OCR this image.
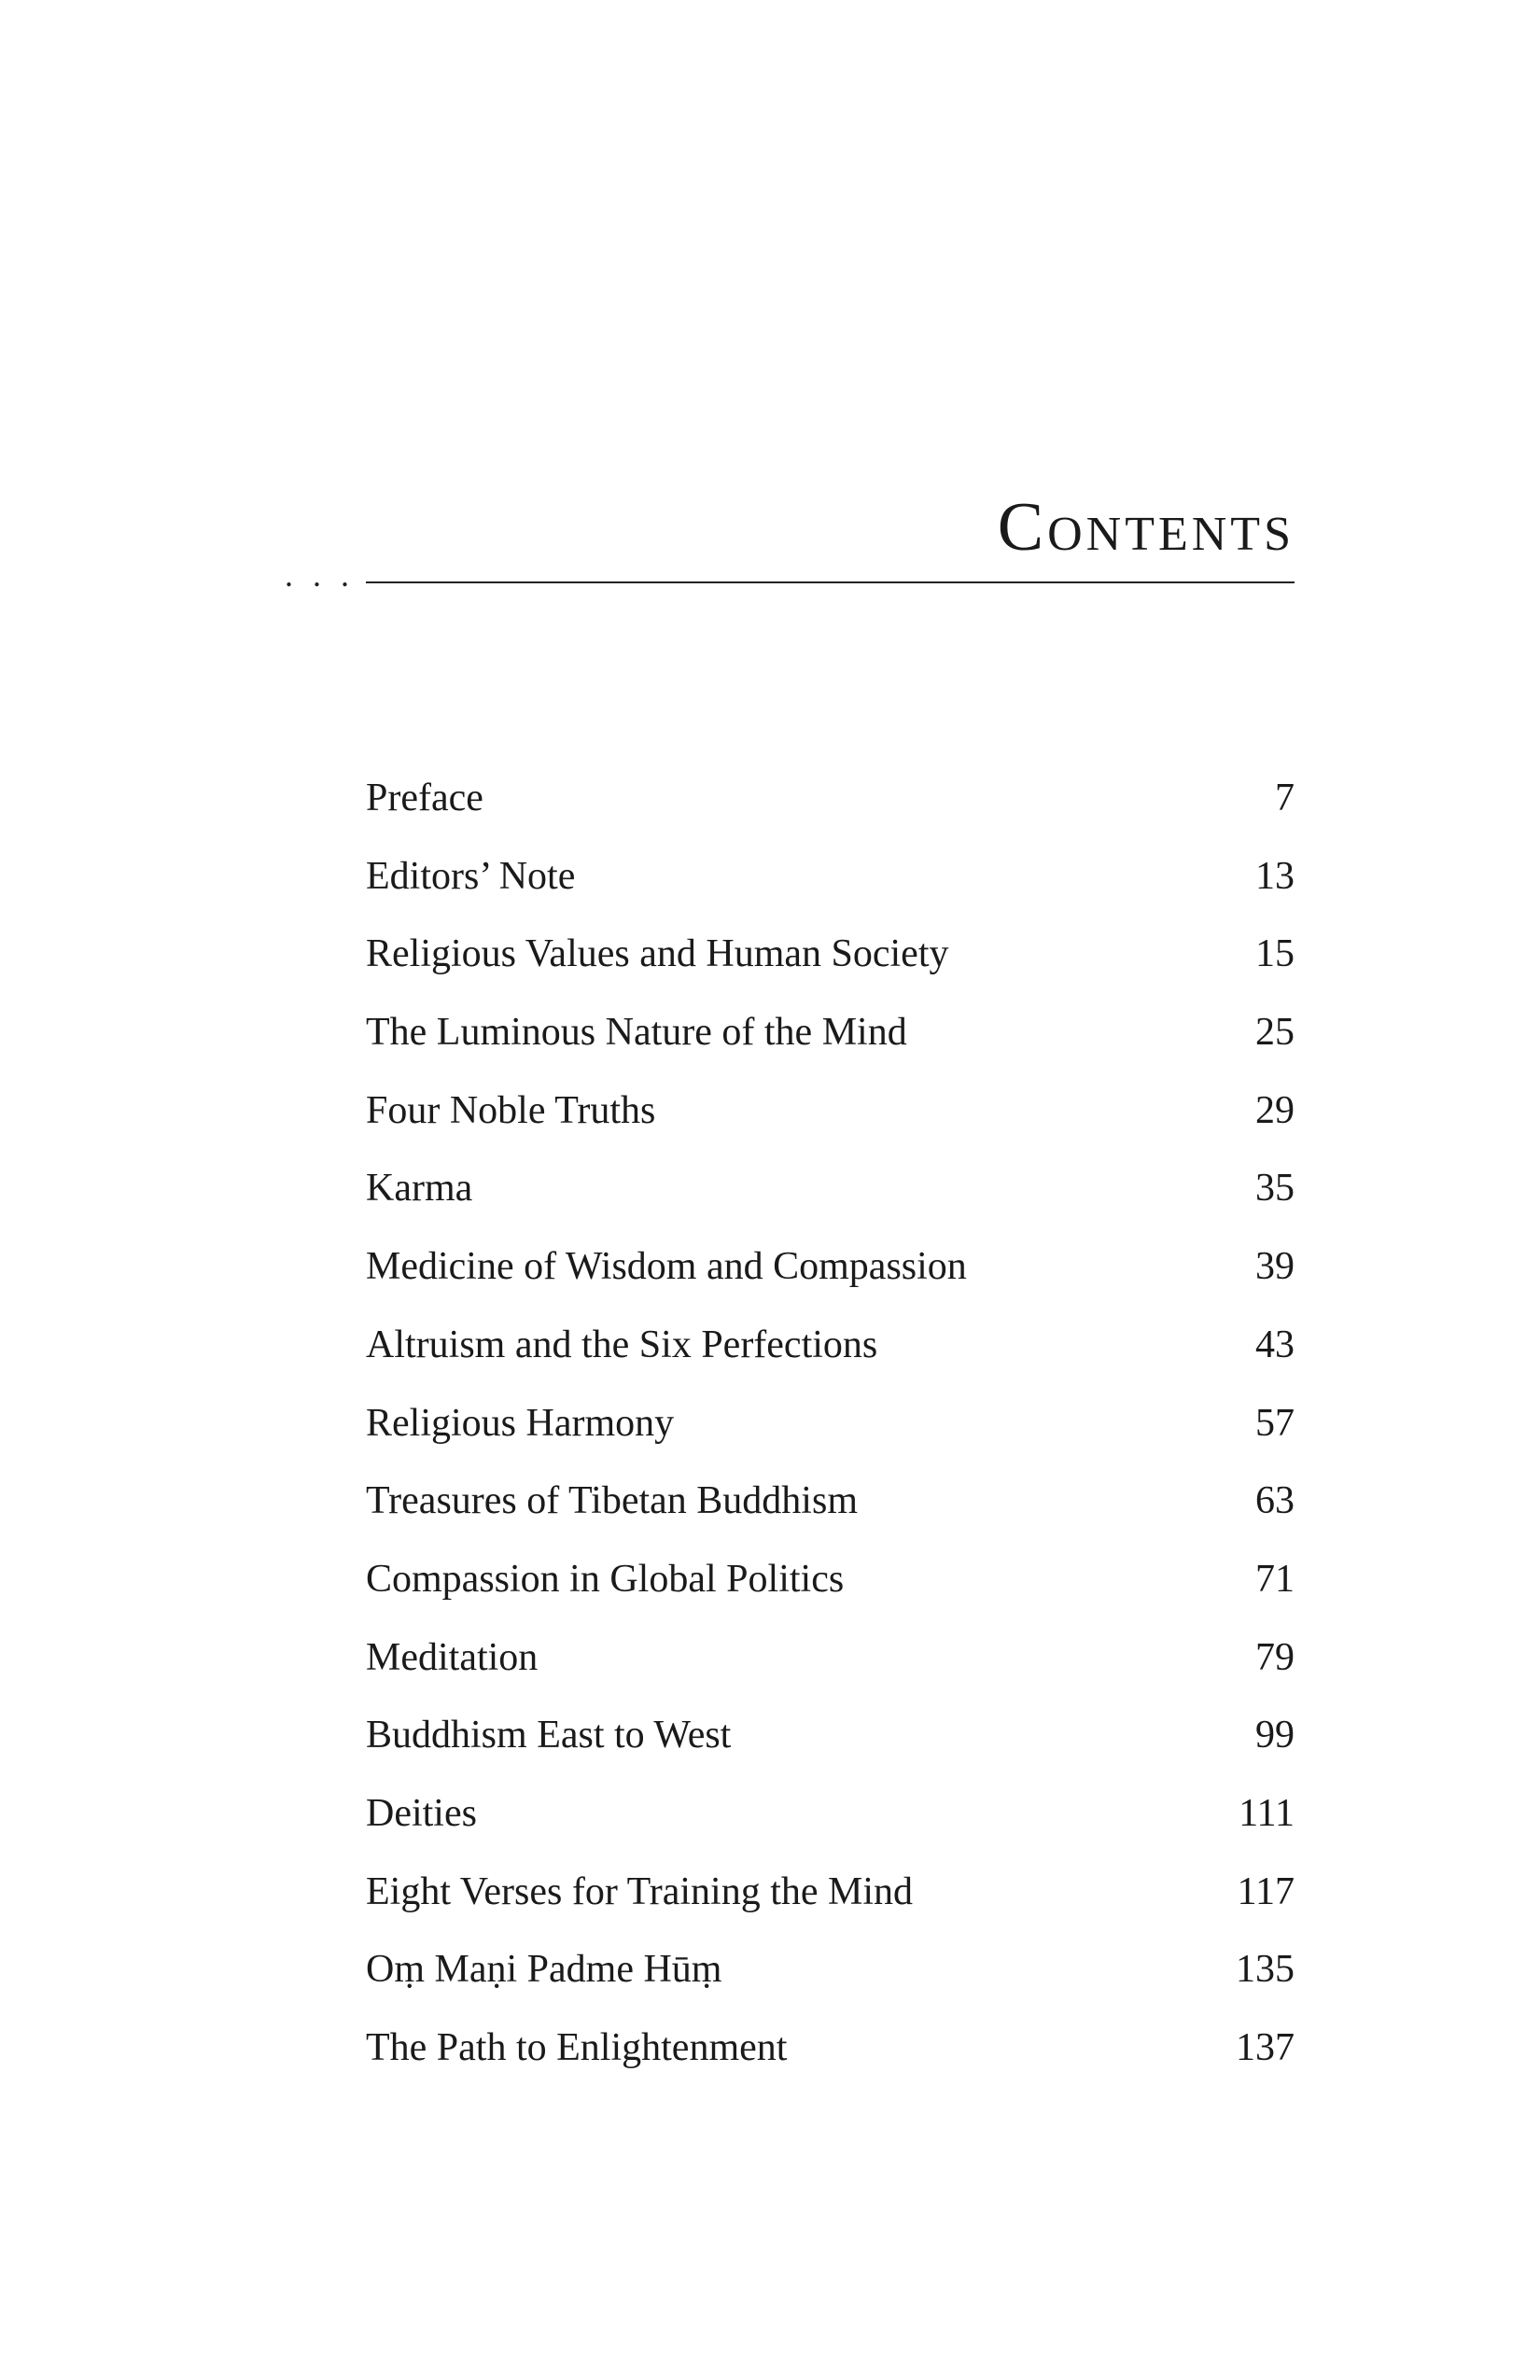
Contents
. . .
Preface	7
Editors’ Note	13
Religious Values and Human Society	15
The Luminous Nature of the Mind	25
Four Noble Truths	29
Karma	35
Medicine of Wisdom and Compassion	39
Altruism and the Six Perfections	43
Religious Harmony	57
Treasures of Tibetan Buddhism	63
Compassion in Global Politics	71
Meditation	79
Buddhism East to West	99
Deities	111
Eight Verses for Training the Mind	117
Oṃ Maṇi Padme Hūṃ	135
The Path to Enlightenment	137
